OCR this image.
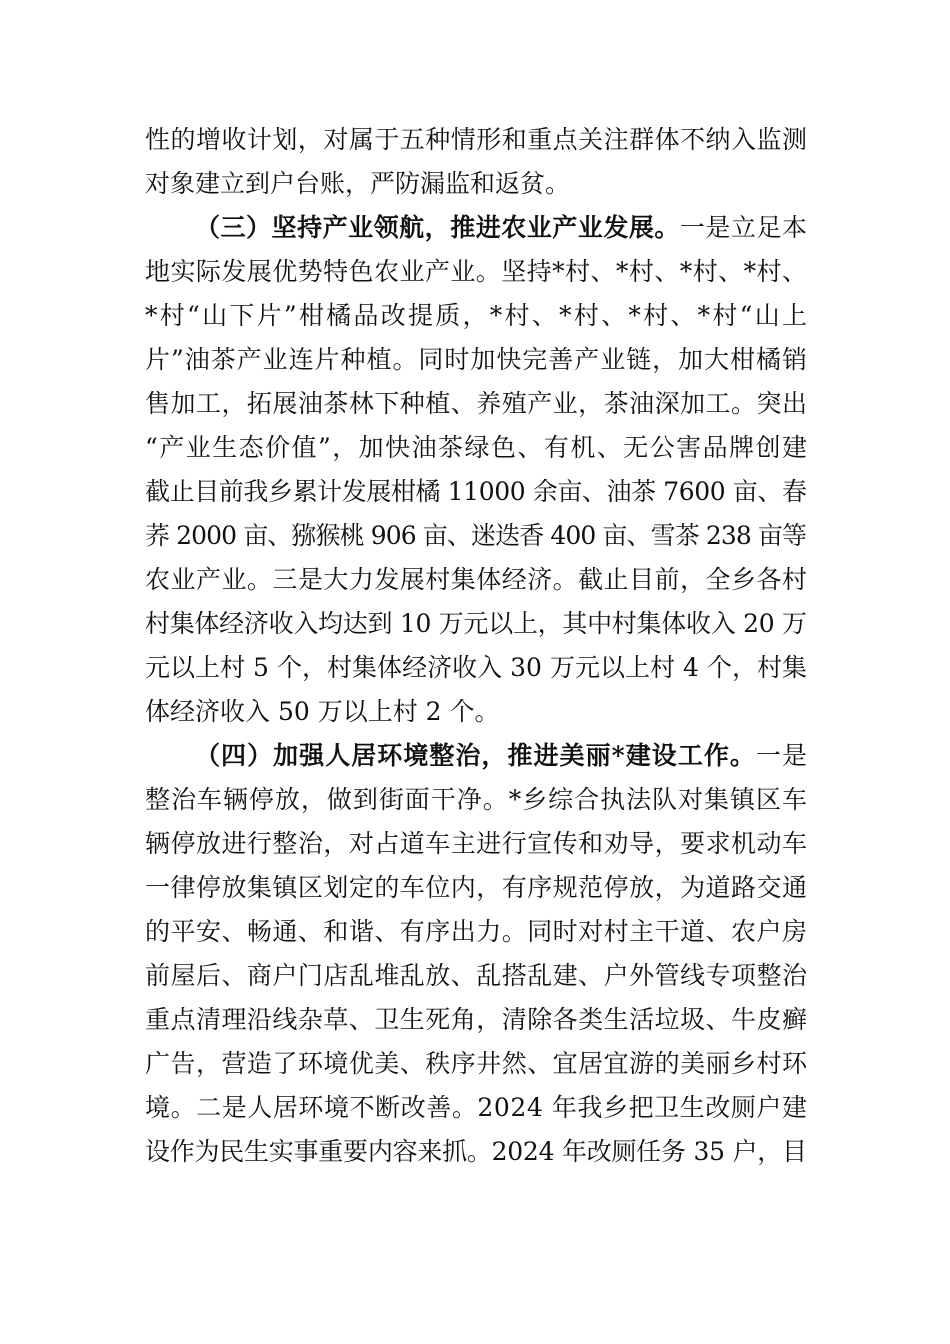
性的增收计划，对属于五种情形和重点关注群体不纳入监测
对象建立到户台账，严防漏监和返贫。
（三）坚持产业领航，推进农业产业发展。一是立足本
地实际发展优势特色农业产业。坚持*村、*村、*村、*村、
*村“山下片”柑橘品改提质，*村、*村、*村、*村“山上
片”油茶产业连片种植。同时加快完善产业链，加大柑橘销
售加工，拓展油茶林下种植、养殖产业，茶油深加工。突出
“产业生态价值”，加快油茶绿色、有机、无公害品牌创建
截止目前我乡累计发展柑橘 11000 余亩、油茶 7600 亩、春
荞 2000 亩、猕猴桃 906 亩、迷迭香 400 亩、雪茶 238 亩等
农业产业。三是大力发展村集体经济。截止目前，全乡各村
村集体经济收入均达到 10 万元以上，其中村集体收入 20 万
元以上村 5 个，村集体经济收入 30 万元以上村 4 个，村集
体经济收入 50 万以上村 2 个。
（四）加强人居环境整治，推进美丽*建设工作。一是
整治车辆停放，做到街面干净。*乡综合执法队对集镇区车
辆停放进行整治，对占道车主进行宣传和劝导，要求机动车
一律停放集镇区划定的车位内，有序规范停放，为道路交通
的平安、畅通、和谐、有序出力。同时对村主干道、农户房
前屋后、商户门店乱堆乱放、乱搭乱建、户外管线专项整治
重点清理沿线杂草、卫生死角，清除各类生活垃圾、牛皮癣
广告，营造了环境优美、秩序井然、宜居宜游的美丽乡村环
境。二是人居环境不断改善。2024 年我乡把卫生改厕户建
设作为民生实事重要内容来抓。2024 年改厕任务 35 户，目
